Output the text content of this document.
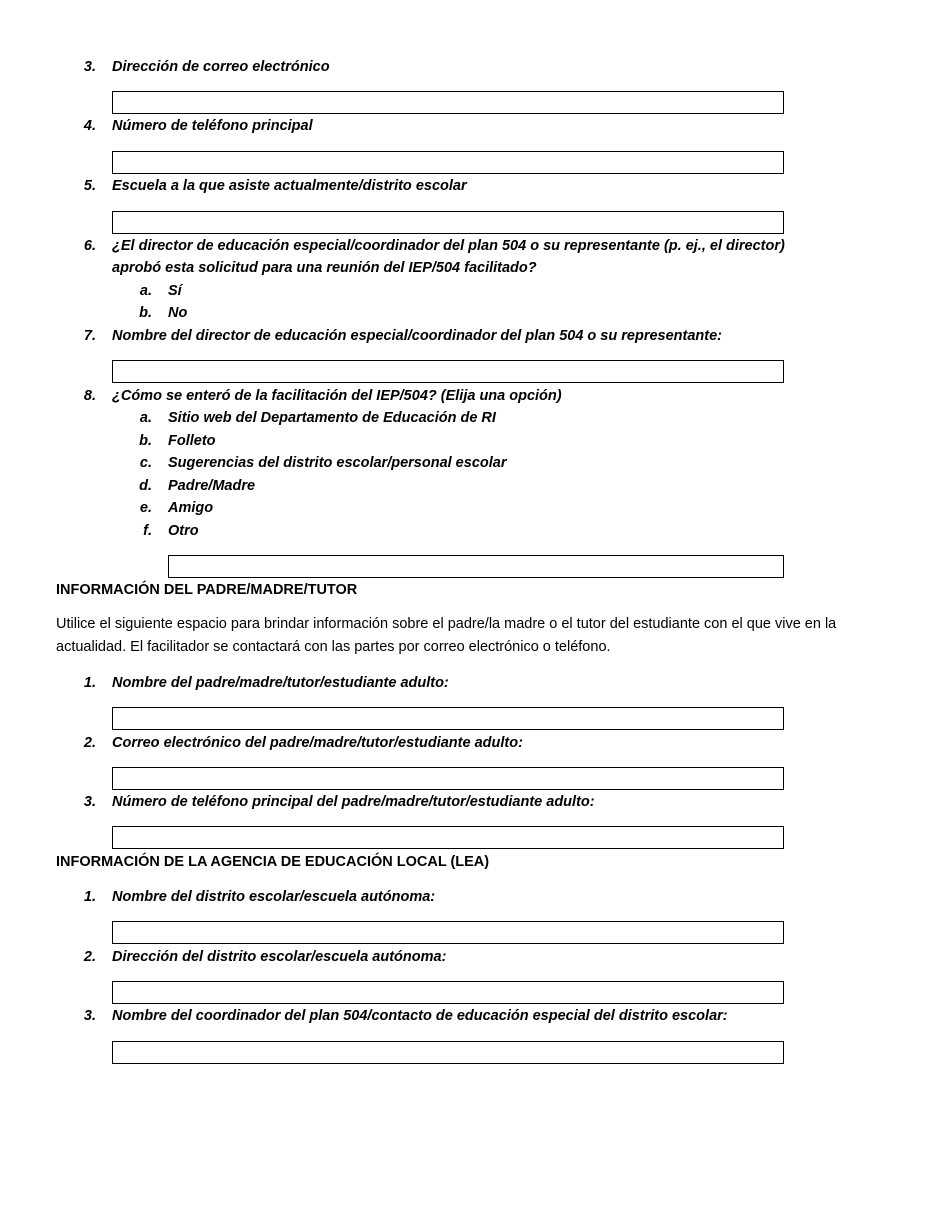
3. Dirección de correo electrónico
4. Número de teléfono principal
5. Escuela a la que asiste actualmente/distrito escolar
6. ¿El director de educación especial/coordinador del plan 504 o su representante (p. ej., el director)
aprobó esta solicitud para una reunión del IEP/504 facilitado?
a. Sí
b. No
7. Nombre del director de educación especial/coordinador del plan 504 o su representante:
8. ¿Cómo se enteró de la facilitación del IEP/504? (Elija una opción)
a. Sitio web del Departamento de Educación de RI
b. Folleto
c. Sugerencias del distrito escolar/personal escolar
d. Padre/Madre
e. Amigo
f. Otro
INFORMACIÓN DEL PADRE/MADRE/TUTOR
Utilice el siguiente espacio para brindar información sobre el padre/la madre o el tutor del estudiante con el que vive en la actualidad. El facilitador se contactará con las partes por correo electrónico o teléfono.
1. Nombre del padre/madre/tutor/estudiante adulto:
2. Correo electrónico del padre/madre/tutor/estudiante adulto:
3. Número de teléfono principal del padre/madre/tutor/estudiante adulto:
INFORMACIÓN DE LA AGENCIA DE EDUCACIÓN LOCAL (LEA)
1. Nombre del distrito escolar/escuela autónoma:
2. Dirección del distrito escolar/escuela autónoma:
3. Nombre del coordinador del plan 504/contacto de educación especial del distrito escolar:
